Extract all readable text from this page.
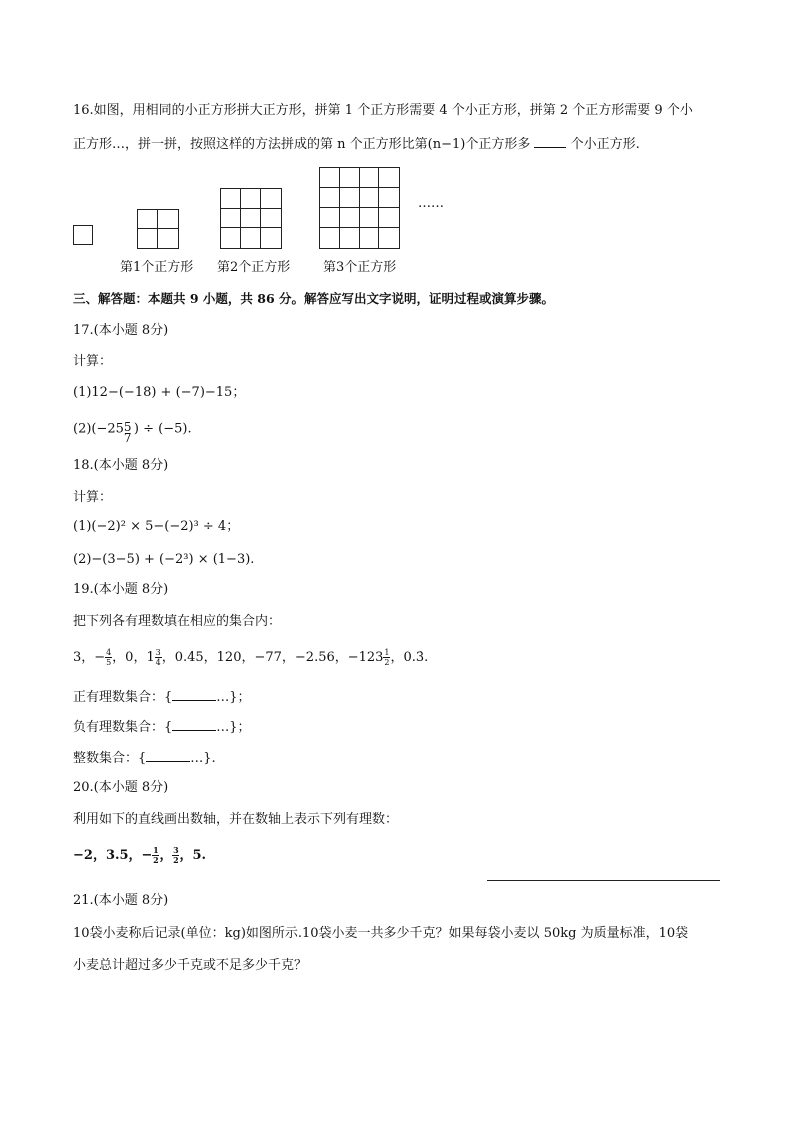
16.如图，用相同的小正方形拼大正方形，拼第 1 个正方形需要 4 个小正方形，拼第 2 个正方形需要 9 个小
正方形…，拼一拼，按照这样的方法拼成的第 n 个正方形比第(n−1)个正方形多	个小正方形.
……
第1个正方形 第2个正方形	第3个正方形
三、解答题：本题共 9 小题，共 86 分。解答应写出文字说明，证明过程或演算步骤。
17.(本小题 8分)
计算：
(1)12−(−18) + (−7)−15；
(2)(−25 5
7
) ÷ (−5).
18.(本小题 8分)
计算：
(1)(−2)² × 5−(−2)³ ÷ 4；
(2)−(3−5) + (−2³) × (1−3).
19.(本小题 8分)
把下列各有理数填在相应的集合内：
3，− $\frac{4}{5}$ ，0，$1 \frac{3}{4}$ ，0.45，120，−77，−2.56，$-123 \frac{1}{2}$ ，0.3̇.
正有理数集合：{	…}；
负有理数集合：{	…}；
整数集合：{	…}.
20.(本小题 8分)
利用如下的直线画出数轴，并在数轴上表示下列有理数：
−2，3.5，− $\frac{1}{2}$ ， $\frac{3}{2}$ ，5.
21.(本小题 8分)
10袋小麦称后记录(单位：kg)如图所示.10袋小麦一共多少千克？如果每袋小麦以 50kg 为质量标准，10袋
小麦总计超过多少千克或不足多少千克？
